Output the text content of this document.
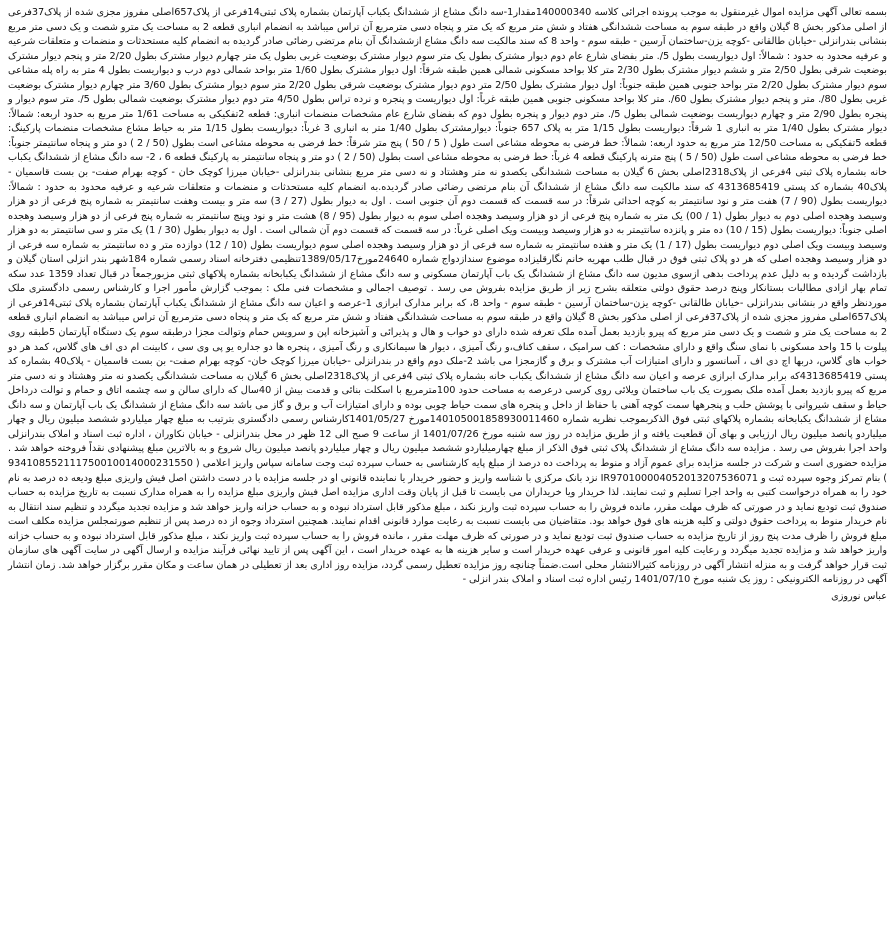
بسمه تعالی آگهی مزایده اموال غیرمنقول به موجب پرونده اجرائی کلاسه 140000340مقدار1-سه دانگ مشاع از ششدانگ یکباب آپارتمان بشماره پلاک ثبتی14فرعی از پلاک657اصلی مفروز مجزی شده از پلاک37فرعی از اصلی مذکور بخش 8 گیلان واقع در طبقه سوم به مساحت ششدانگی هفتاد و شش متر مربع که یک متر و پنجاه دسی مترمربع آن تراس میباشد به انضمام انباری قطعه 2 به مساحت یک مترو شصت و یک دسی متر مربع بنشانی بندرانزلی -خیابان طالقانی -کوچه یزن-ساختمان آرسین - طبقه سوم - واحد 8 که سند مالکیت سه دانگ مشاع ازششدانگ آن بنام مرتضی رضائی صادر گردیده به انضمام کلیه مستحدثات و منضمات و متعلقات شرعیه و عرفیه محدود به حدود : شمالاً: اول دیواریست بطول 5/. متر بفضای شارع عام دوم دیوار مشترک بطول یک متر سوم دیوار مشترک بوضعیت غربی بطول یک متر چهارم دیوار مشترک بطول 2/20 متر و پنجم دیوار مشترک بوضعیت شرقی بطول 2/50 متر و ششم دیوار مشترک بطول 2/30 متر کلا بواحد مسکونی شمالی همین طبقه شرقاً: اول دیوار مشترک بطول 1/60 متر بواحد شمالی دوم درب و دیواریست بطول 4 متر به راه پله مشاعی سوم دیوار مشترک بطول 2/20 متر بواحد جنوبی همین طبقه جنوباً: اول دیوار مشترک بطول 2/50 متر دوم دیوار مشترک بوضعیت شرقی بطول 2/20 متر سوم دیوار مشترک بطول 3/60 متر چهارم دیوار مشترک بوضعیت غربی بطول 80/. متر و پنجم دیوار مشترک بطول 60/. متر کلا بواحد مسکونی جنوبی همین طبقه غرباً: اول دیواریست و پنجره و نرده تراس بطول 4/50 متر دوم دیوار مشترک بوضعیت شمالی بطول 5/. متر سوم دیوار و پنجره بطول 2/90 متر و چهارم دیواریست بوضعیت شمالی بطول 5/. متر دوم دیوار و پنجره بطول دوم که بفضای شارع عام مشخصات منضمات انباری: قطعه 2تفکیکی به مساحت 1/61 متر مربع به حدود اربعه: شمالاً: دیوار مشترک بطول 1/40 متر به انباری 1 شرقاً: دیواریست بطول 1/15 متر به پلاک 657 جنوباً: دیوارمشترک بطول 1/40 متر به انباری 3 غرباً: دیواریست بطول 1/15 متر به حیاط مشاع مشخصات منضمات پارکینگ: قطعه 5تفکیکی به مساحت 12/50 متر مربع به حدود اربعه: شمالاً: خط فرضی به محوطه مشاعی است طول ( 5 / 50 ) پنج متر شرقاً: خط فرضی به محوطه مشاعی است بطول (50 / 2 ) دو متر و پنجاه سانتیمتر جنوباً: خط فرضی به محوطه مشاعی است طول (50 / 5 ) پنج مترنه پارکینگ قطعه 4 غرباً: خط فرضی به محوطه مشاعی است بطول (50 / 2 ) دو متر و پنجاه سانتیمتر به پارکینگ قطعه 6 ، 2- سه دانگ مشاع از ششدانگ یکباب خانه بشماره پلاک ثبتی 4فرعی از پلاک2318اصلی بخش 6 گیلان به مساحت ششدانگی یکصدو نه متر وهشتاد و نه دسی متر مربع بنشانی بندرانزلی -خیابان میرزا کوچک خان - کوچه بهرام صفت- بن بست قاسمیان - پلاک40 بشماره کد پستی 4313685419 که سند مالکیت سه دانگ مشاع از ششدانگ آن بنام مرتضی رضائی صادر گردیده.به انضمام کلیه مستحدثات و منضمات و متعلقات شرعیه و عرفیه محدود به حدود : شمالاً: دیواریست بطول (90 / 7) هفت متر و نود سانتیمتر به کوچه احداثی شرقاً: در سه قسمت که قسمت دوم آن جنوبی است . اول به دیوار بطول (27 / 3) سه متر و بیست وهفت سانتیمتر به شماره پنج فرعی از دو هزار وسیصد وهجده اصلی دوم به دیوار بطول (1 / 00) یک متر به شماره پنج فرعی از دو هزار وسیصد وهجده اصلی سوم به دیوار بطول (95 / 8) هشت متر و نود وپنج سانتیمتر به شماره پنج فرعی از دو هزار وسیصد وهجده اصلی جنوباً: دیواریست بطول (15 / 10) ده متر و پانزده سانتیمتر به دو هزار وسیصد وبیست ویک اصلی غرباً: در سه قسمت که قسمت دوم آن شمالی است . اول به دیوار بطول (30 / 1) یک متر و سی سانتیمتر به دو هزار وسیصد وبیست ویک اصلی دوم دیواریست بطول (17 / 1) یک متر و هفده سانتیمتر به شماره سه فرعی از دو هزار وسیصد وهجده اصلی سوم دیواریست بطول (10 / 12) دوازده متر و ده سانتیمتر به شماره سه فرعی از دو هزار وسیصد وهجده اصلی که هر دو پلاک ثبتی فوق در قبال طلب مهریه خانم نگارقلیزاده موضوع سندازدواج شماره 24640مورخ1389/05/17تنظیمی دفترخانه اسناد رسمی شماره 184شهر بندر انزلی استان گیلان و بازداشت گردیده و به دلیل عدم پرداخت بدهی ازسوی مدیون سه دانگ مشاع از ششدانگ یک باب آپارتمان مسکونی و سه دانگ مشاع از ششدانگ یکبابخانه بشماره پلاکهای ثبتی مزبورجمعاً در قبال تعداد 1359 عدد سکه تمام بهار ازادی مطالبات بستانکار وپنج درصد حقوق دولتی متعلقه بشرح زیر از طریق مزایده بفروش می رسد . توصیف اجمالی و مشخصات فنی ملک : بموجب گزارش مأمور اجرا و کارشناس رسمی دادگستری ملک موردنظر واقع در بنشانی بندرانزلی -خیابان طالقانی -کوچه یزن-ساختمان آرسین - طبقه سوم - واحد 8، که برابر مدارک ابرازی 1-عرصه و اعیان سه دانگ مشاع از ششدانگ یکباب آپارتمان بشماره پلاک ثبتی14فرعی از پلاک657اصلی مفروز مجزی شده از پلاک37فرعی از اصلی مذکور بخش 8 گیلان واقع در طبقه سوم به مساحت ششدانگی هفتاد و شش متر مربع که یک متر و پنجاه دسی مترمربع آن تراس میباشد به انضمام انباری قطعه 2 به مساحت یک متر و شصت و یک دسی متر مربع که پیرو بازدید بعمل آمده ملک تعرفه شده دارای دو خواب و هال و پذیرائی و آشپزخانه اپن و سرویس حمام وتوالت مجزا درطبقه سوم یک دستگاه آپارتمان 5طبقه روی پیلوت با 15 واحد مسکونی با نمای سنگ واقع و دارای مشخصات : کف سرامیک ، سقف کناف،و رنگ آمیزی ، دیوار ها سیمانکاری و رنگ آمیزی ، پنجره ها دو جداره یو پی وی سی ، کابینت ام دی اف های گلاس، کمد هر دو خواب های گلاس، دربها اچ دی اف ، آسانسور و دارای امتیازات آب مشترک و برق و گازمجزا می باشد 2-ملک دوم واقع در بندرانزلی -خیابان میرزا کوچک خان- کوچه بهرام صفت- بن بست قاسمیان - پلاک40 بشماره کد پستی 4313685419که برابر مدارک ابرازی عرصه و اعیان سه دانگ مشاع از ششدانگ یکباب خانه بشماره پلاک ثبتی 4فرعی از پلاک2318اصلی بخش 6 گیلان به مساحت ششدانگی یکصدو نه متر وهشتاد و نه دسی متر مربع که پیرو بازدید بعمل آمده ملک بصورت یک باب ساختمان ویلائی روی کرسی درعرصه به مساحت حدود 100مترمربع با اسکلت بنائی و قدمت بیش از 40سال که دارای سالن و سه چشمه اتاق و حمام و توالت درداخل حیاط و سقف شیروانی با پوشش حلب و پنجرهها سمت کوچه آهنی با حفاظ از داخل و پنجره های سمت حیاط چوبی بوده و دارای امتیازات آب و برق و گاز می باشد سه دانگ مشاع از ششدانگ یک باب آپارتمان و سه دانگ مشاع از ششدانگ یکبابخانه بشماره پلاکهای ثبتی فوق الذکربموجب نظریه شماره 140105001858930011460مورخ 1401/05/27کارشناس رسمی دادگستری بترتیب به مبلغ چهار میلیاردو ششصد میلیون ریال و چهار میلیاردو پانصد میلیون ریال ارزیابی و بهای آن قطعیت یافته و از طریق مزایده در روز سه شنبه مورخ 1401/07/26 از ساعت 9 صبح الی 12 ظهر در محل بندرانزلی - خیابان نکاوران ، اداره ثبت اسناد و املاک بندرانزلی واحد اجرا بفروش می رسد . مزایده سه دانگ مشاع از ششدانگ پلاک ثبتی فوق الذکر از مبلغ چهارمیلیاردو ششصد میلیون ریال و چهار میلیاردو پانصد میلیون ریال شروع و به بالاترین مبلغ پیشنهادی نقداً فروخته خواهد شد . مزایده حضوری است و شرکت در جلسه مزایده برای عموم آزاد و منوط به پرداخت ده درصد از مبلغ پایه کارشناسی به حساب سپرده ثبت وجت سامانه سپاس واریز اعلامی ( 934108552111750010014000231550 ) بنام تمرکز وجوه سپرده ثبت و IR970100004052013207536071 نزد بانک مرکزی با شناسه واریز و حضور خریدار یا نماینده قانونی او در جلسه مزایده با در دست داشتن اصل فیش واریزی مبلغ ودیعه ده درصد به نام خود را به همراه درخواست کتبی به واحد اجرا تسلیم و ثبت نمایند. لذا خریدار ویا خریداران می بایست تا قبل از پایان وقت اداری مزایده اصل فیش واریزی مبلغ مزایده را به همراه مدارک نسبت به تاریخ مزایده به حساب صندوق ثبت تودیع نماید و در صورتی که ظرف مهلت مقرر، مانده فروش را به حساب سپرده ثبت واریز نکند ، مبلغ مذکور قابل استرداد نبوده و به حساب خزانه واریز خواهد شد و مزایده تجدید میگردد و تنظیم سند انتقال به نام خریدار منوط به پرداخت حقوق دولتی و کلیه هزینه های فوق خواهد بود. متقاضیان می بایست نسبت به رعایت موارد قانونی اقدام نمایند. همچنین استرداد وجوه از ده درصد پس از تنظیم صورتمجلس مزایده مکلف است مبلغ فروش را ظرف مدت پنج روز از تاریخ مزایده به حساب صندوق ثبت تودیع نماید و در صورتی که ظرف مهلت مقرر ، مانده فروش را به حساب سپرده ثبت واریز نکند ، مبلغ مذکور قابل استرداد نبوده و به حساب خزانه واریز خواهد شد و مزایده تجدید میگردد و رعایت کلیه امور قانونی و عرفی عهده خریدار است و سایر هزینه ها به عهده خریدار است ، این آگهی پس از تایید نهائی فرآیند مزایده و ارسال آگهی در سایت آگهی های سازمان ثبت قرار خواهد گرفت و به منزله انتشار آگهی در روزنامه کثیرالانتشار محلی است.ضمناً چنانچه روز مزایده تعطیل رسمی گردد، مزایده روز اداری بعد از تعطیلی در همان ساعت و مکان مقرر برگزار خواهد شد. زمان انتشار آگهی در روزنامه الکترونیکی : روز یک شنبه مورخ 1401/07/10 رئیس اداره ثبت اسناد و املاک بندر انزلی -

عباس نوروزی
